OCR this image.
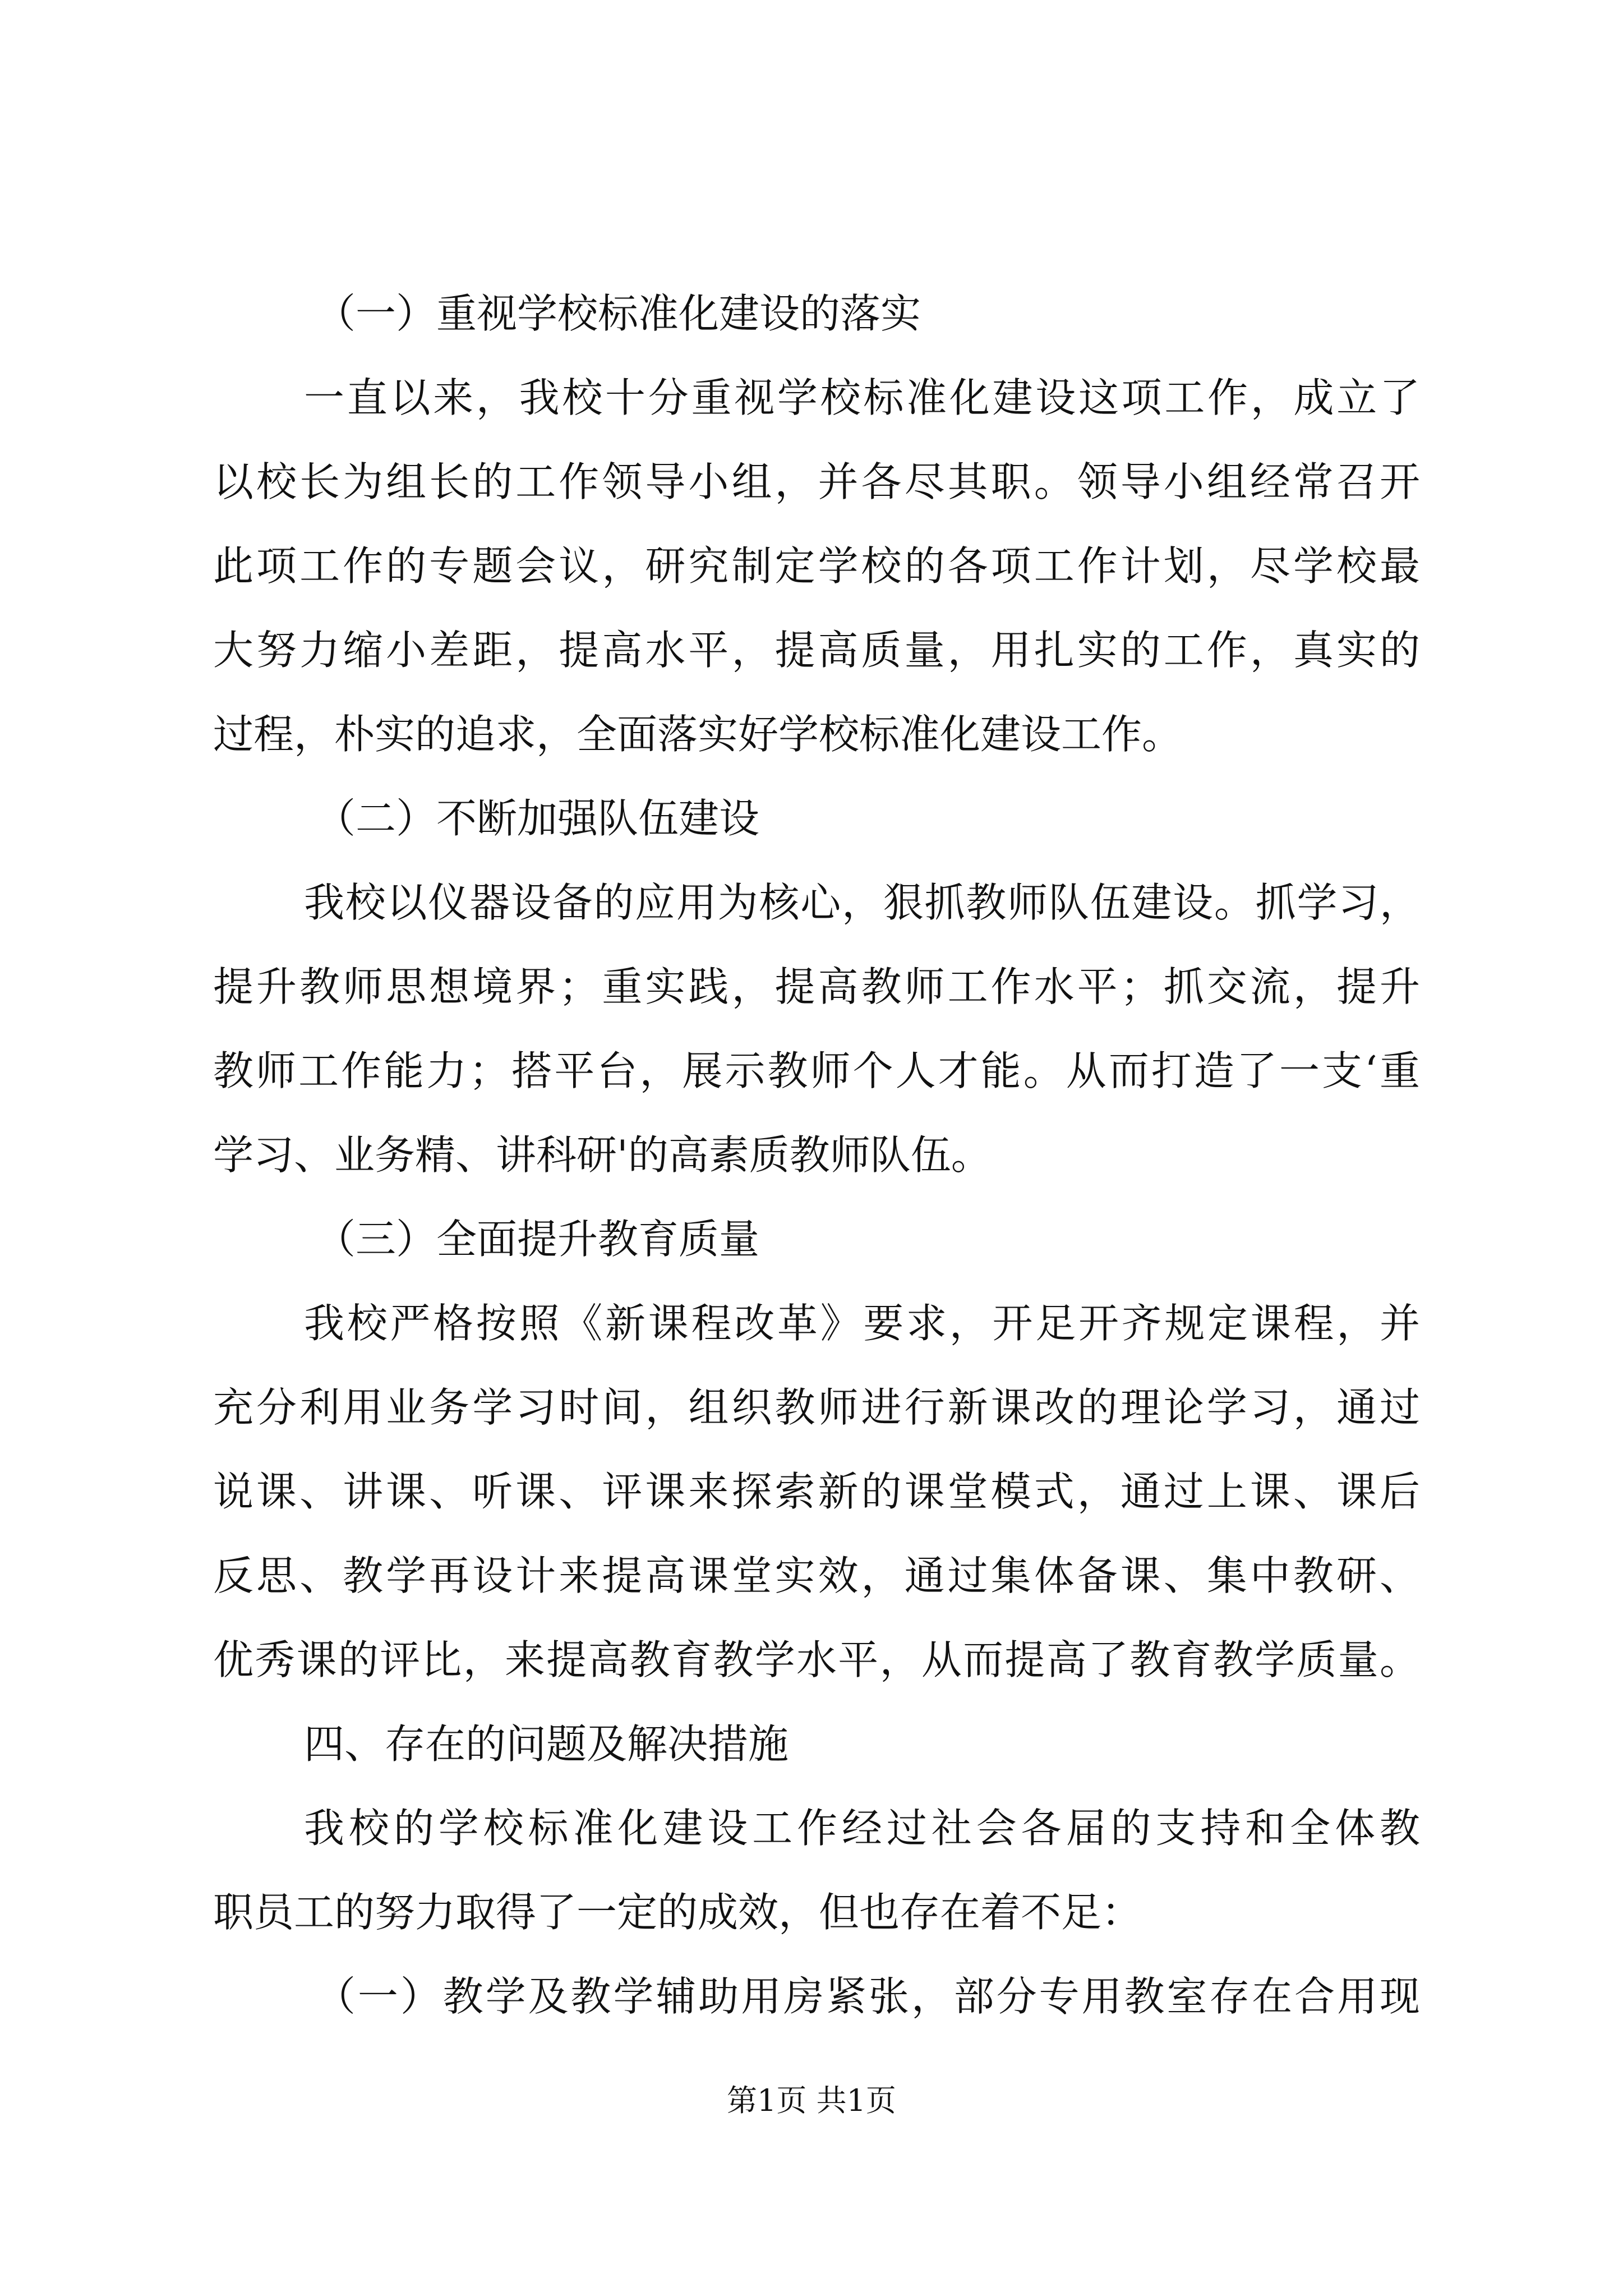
（一）重视学校标准化建设的落实
一直以来，我校十分重视学校标准化建设这项工作，成立了
以校长为组长的工作领导小组，并各尽其职。领导小组经常召开
此项工作的专题会议，研究制定学校的各项工作计划，尽学校最
大努力缩小差距，提高水平，提高质量，用扎实的工作，真实的
过程，朴实的追求，全面落实好学校标准化建设工作。
（二）不断加强队伍建设
我校以仪器设备的应用为核心，狠抓教师队伍建设。抓学习，
提升教师思想境界；重实践，提高教师工作水平；抓交流，提升
教师工作能力；搭平台，展示教师个人才能。从而打造了一支‘重
学习、业务精、讲科研'的高素质教师队伍。
（三）全面提升教育质量
我校严格按照《新课程改革》要求，开足开齐规定课程，并
充分利用业务学习时间，组织教师进行新课改的理论学习，通过
说课、讲课、听课、评课来探索新的课堂模式，通过上课、课后
反思、教学再设计来提高课堂实效，通过集体备课、集中教研、
优秀课的评比，来提高教育教学水平，从而提高了教育教学质量。
四、存在的问题及解决措施
我校的学校标准化建设工作经过社会各届的支持和全体教
职员工的努力取得了一定的成效，但也存在着不足：
（一）教学及教学辅助用房紧张，部分专用教室存在合用现
第1页 共1页
